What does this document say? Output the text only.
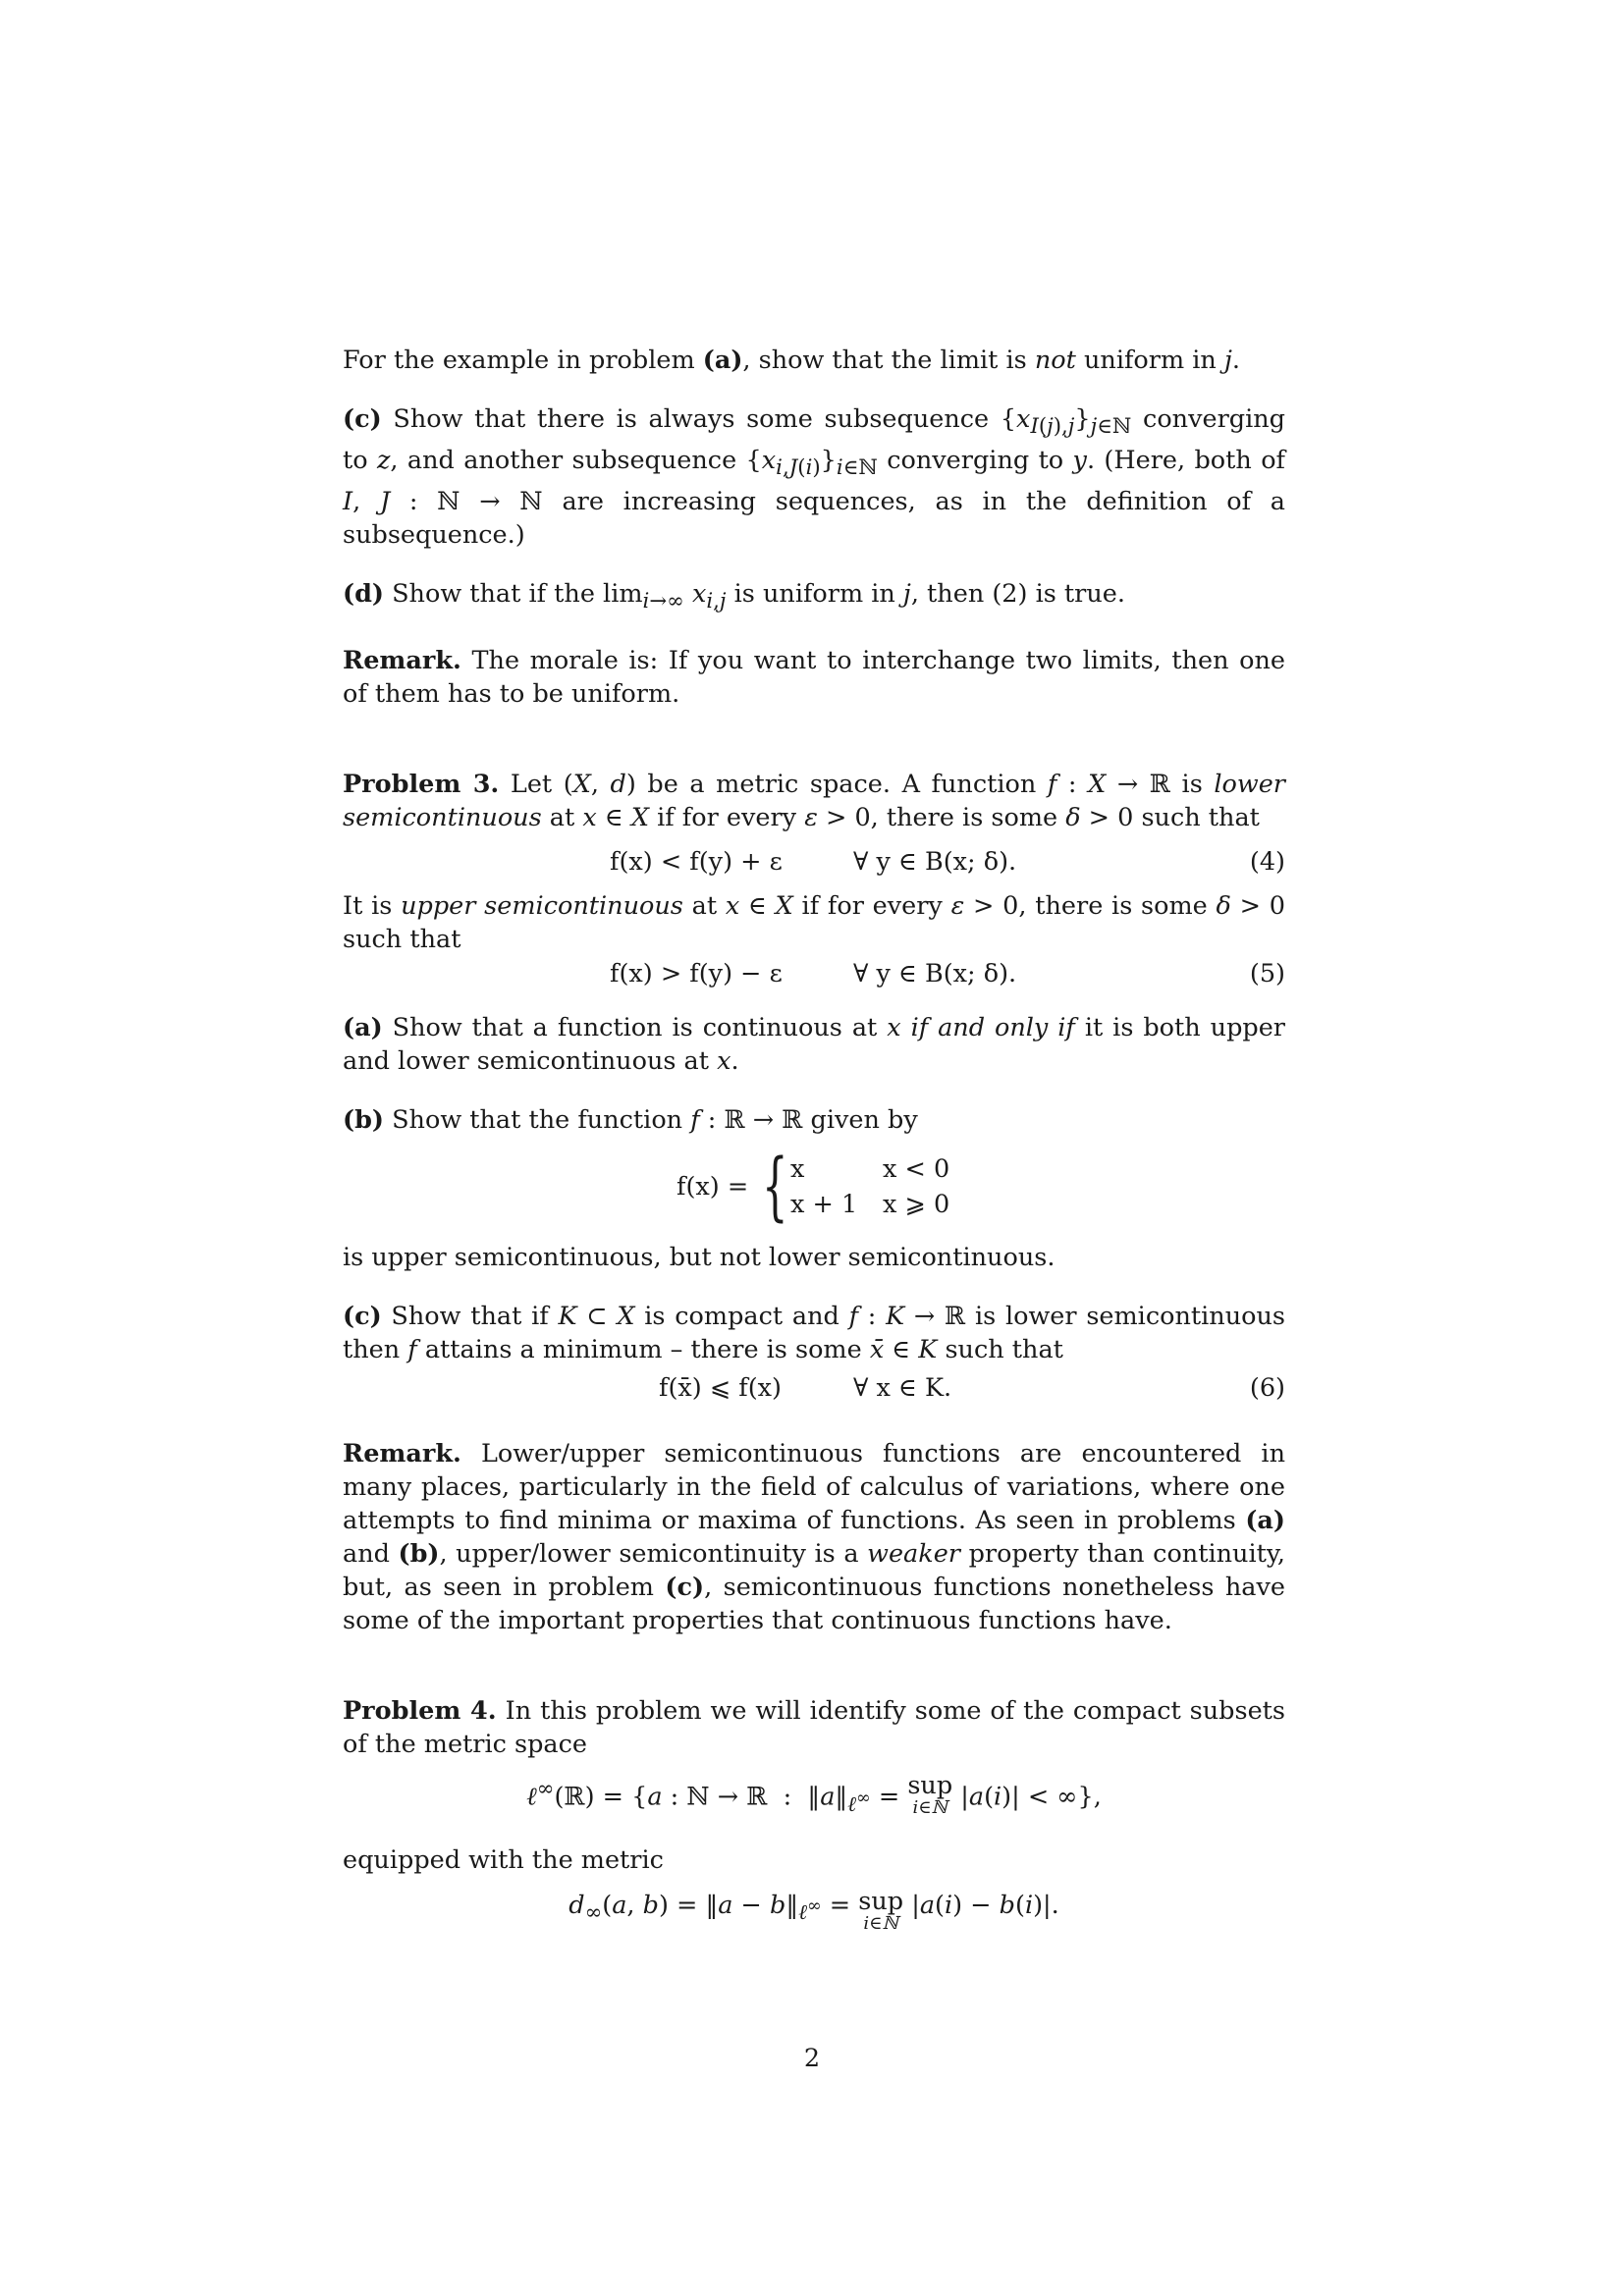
For the example in problem (a), show that the limit is not uniform in j.

(c) Show that there is always some subsequence $\{x_{I(j),j}\}_{j\in ℕ}$ converging to z, and another subsequence $\{x_{i,J(i)}\}_{i\in ℕ}$ converging to y. (Here, both of I, J : ℕ → ℕ are increasing sequences, as in the definition of a subsequence.)

(d) Show that if the $\lim_{i\to\infty} x_{i,j}$ is uniform in j, then (2) is true.

Remark. The morale is: If you want to interchange two limits, then one of them has to be uniform.

Problem 3. Let (X, d) be a metric space. A function f : X → ℝ is lower semicontinuous at x ∈ X if for every ε > 0, there is some δ > 0 such that

f(x) < f(y) + ε	∀ y ∈ B(x; δ).	(4)

It is upper semicontinuous at x ∈ X if for every ε > 0, there is some δ > 0 such that

f(x) > f(y) − ε	∀ y ∈ B(x; δ).	(5)

(a) Show that a function is continuous at x if and only if it is both upper and lower semicontinuous at x.

(b) Show that the function f : ℝ → ℝ given by

f(x) = { x	x < 0
x + 1 x ⩾ 0

is upper semicontinuous, but not lower semicontinuous.

(c) Show that if K ⊂ X is compact and f : K → ℝ is lower semicontinuous then f attains a minimum – there is some x̄ ∈ K such that

f(x̄) ⩽ f(x)	∀ x ∈ K.	(6)

Remark. Lower/upper semicontinuous functions are encountered in many places, particularly in the field of calculus of variations, where one attempts to find minima or maxima of functions. As seen in problems (a) and (b), upper/lower semicontinuity is a weaker property than continuity, but, as seen in problem (c), semicontinuous functions nonetheless have some of the important properties that continuous functions have.

Problem 4. In this problem we will identify some of the compact subsets of the metric space

ℓ∞(ℝ) = {a : ℕ → ℝ  :  $‖a‖_{\ell^\infty}$ = sup
i∈ℕ |a(i)| < ∞},

equipped with the metric

$d_\infty(a$, b) = ‖a − $b‖_{\ell^\infty}$ = sup
i∈ℕ
|a(i) − b(i)|.
2
